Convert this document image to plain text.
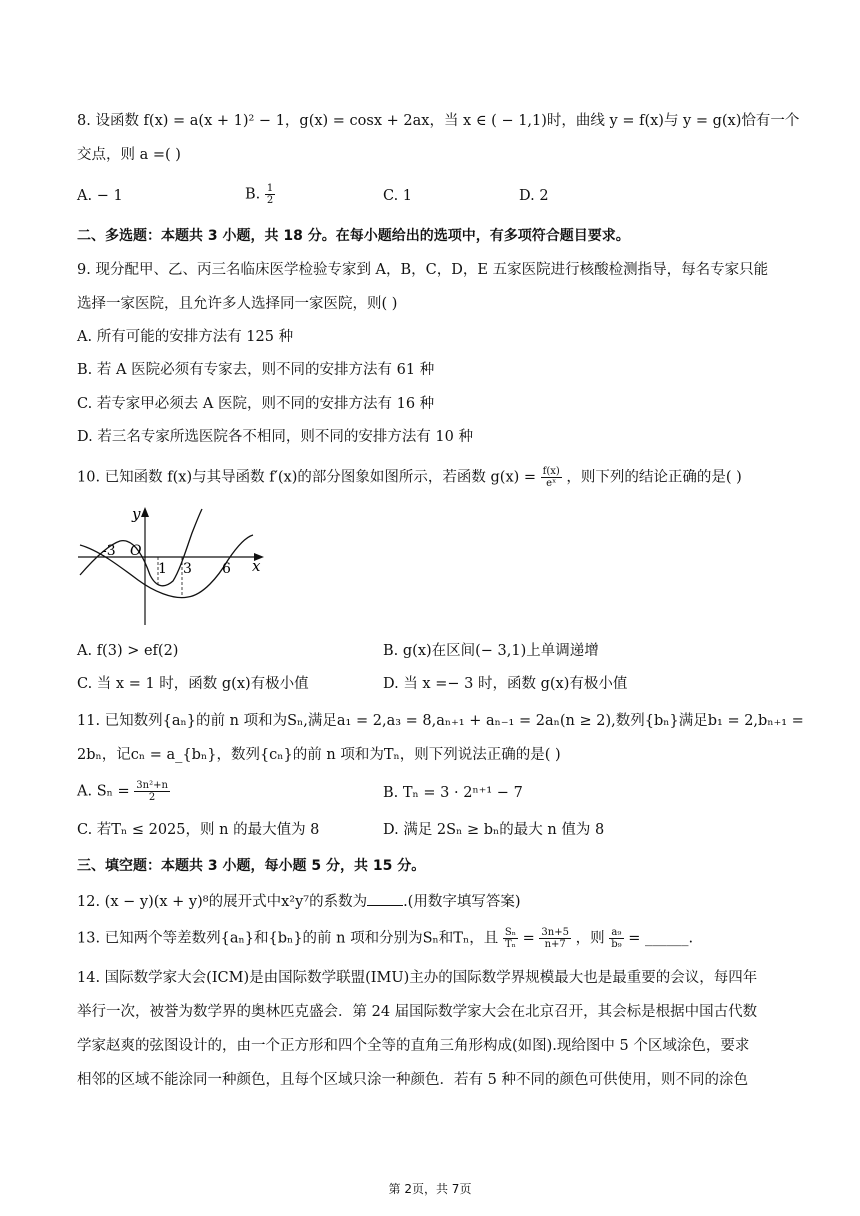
8. 设函数 f(x) = a(x + 1)² − 1，g(x) = cosx + 2ax，当 x ∈ ( − 1,1)时，曲线 y = f(x)与 y = g(x)恰有一个
交点，则 a =( )
A. − 1	B. $\frac{1}{2}$	C. 1	D. 2
二、多选题：本题共 3 小题，共 18 分。在每小题给出的选项中，有多项符合题目要求。
9. 现分配甲、乙、丙三名临床医学检验专家到 A，B，C，D，E 五家医院进行核酸检测指导，每名专家只能
选择一家医院，且允许多人选择同一家医院，则( )
A. 所有可能的安排方法有 125 种
B. 若 A 医院必须有专家去，则不同的安排方法有 61 种
C. 若专家甲必须去 A 医院，则不同的安排方法有 16 种
D. 若三名专家所选医院各不相同，则不同的安排方法有 10 种
10. 已知函数 f(x)与其导函数 f′(x)的部分图象如图所示，若函数 $g(x) = \frac{f(x)}{\text{eˣ}}$ ，则下列的结论正确的是( )
y
x
O
-3
1 3 6
A. f(3) > ef(2)	B. g(x)在区间(− 3,1)上单调递增
C. 当 x = 1 时，函数 g(x)有极小值	D. 当 x =− 3 时，函数 g(x)有极小值
11. 已知数列{aₙ}的前 n 项和为Sₙ,满足a₁ = 2,a₃ = 8,aₙ₊₁ + aₙ₋₁ = 2aₙ(n ≥ 2),数列{bₙ}满足b₁ = 2,bₙ₊₁ =
2bₙ，记cₙ = a_{bₙ}，数列{cₙ}的前 n 项和为Tₙ，则下列说法正确的是( )
A. $S_n = \frac{\text{3n²+n}}{2}$	B. Tₙ = 3 · 2ⁿ⁺¹ − 7
C. 若Tₙ ≤ 2025，则 n 的最大值为 8	D. 满足 2Sₙ ≥ bₙ的最大 n 值为 8
三、填空题：本题共 3 小题，每小题 5 分，共 15 分。
12. (x − y)(x + y)⁸的展开式中x²y⁷的系数为 .(用数字填写答案)
13. 已知两个等差数列{aₙ}和{bₙ}的前 n 项和分别为Sₙ和Tₙ，且 $\frac{\text{Sₙ}}{\text{Tₙ}} = \frac{3n+5}{n+7}$ ，则 $\frac{\text{a₉}}{\text{b₉}}$ = ______.
14. 国际数学家大会(ICM)是由国际数学联盟(IMU)主办的国际数学界规模最大也是最重要的会议，每四年
举行一次，被誉为数学界的奥林匹克盛会．第 24 届国际数学家大会在北京召开，其会标是根据中国古代数
学家赵爽的弦图设计的，由一个正方形和四个全等的直角三角形构成(如图).现给图中 5 个区域涂色，要求
相邻的区域不能涂同一种颜色，且每个区域只涂一种颜色．若有 5 种不同的颜色可供使用，则不同的涂色
第 2页，共 7页
